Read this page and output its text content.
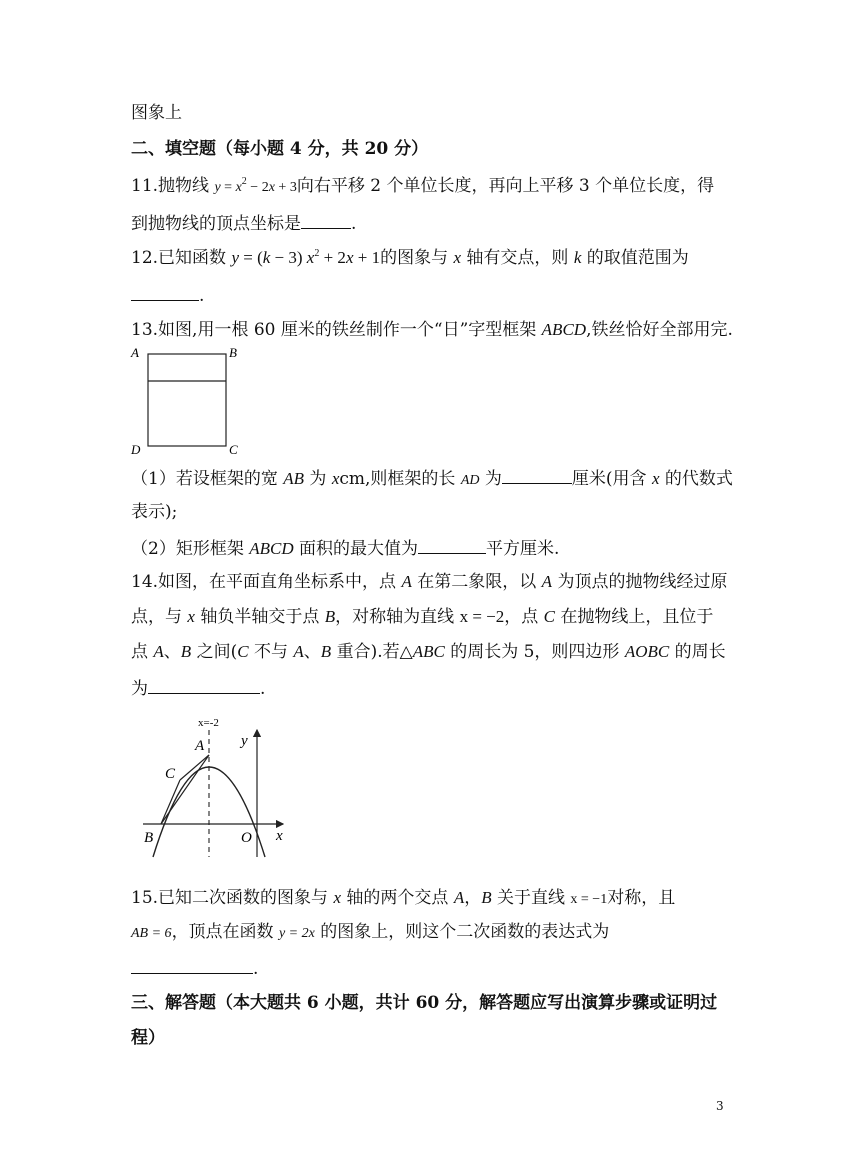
图象上
二、填空题（每小题 4 分，共 20 分）
11.抛物线 $y = x^2 - 2x + 3$向右平移 2 个单位长度，再向上平移 3 个单位长度，得
到抛物线的顶点坐标是	.
12.已知函数 y = (k − 3) $x^2 + 2x + 1$的图象与 x 轴有交点，则 k 的取值范围为
.
13.如图,用一根 60 厘米的铁丝制作一个“日”字型框架 ABCD,铁丝恰好全部用完.
A	B
C
D
（1）若设框架的宽 AB 为 xcm,则框架的长 AD 为	厘米(用含 x 的代数式
表示);
（2）矩形框架 ABCD 面积的最大值为	平方厘米.
14.如图，在平面直角坐标系中，点 A 在第二象限，以 A 为顶点的抛物线经过原
点，与 x 轴负半轴交于点 B，对称轴为直线 x = −2，点 C 在抛物线上，且位于
点 A、B 之间(C 不与 A、B 重合).若△ABC 的周长为 5，则四边形 AOBC 的周长
为	.
x=-2
A
C
B	O x
y
15.已知二次函数的图象与 x 轴的两个交点 A，B 关于直线 x = −1对称，且
AB = 6，顶点在函数 y = 2x 的图象上，则这个二次函数的表达式为
.
三、解答题（本大题共 6 小题，共计 60 分，解答题应写出演算步骤或证明过
程）
3
